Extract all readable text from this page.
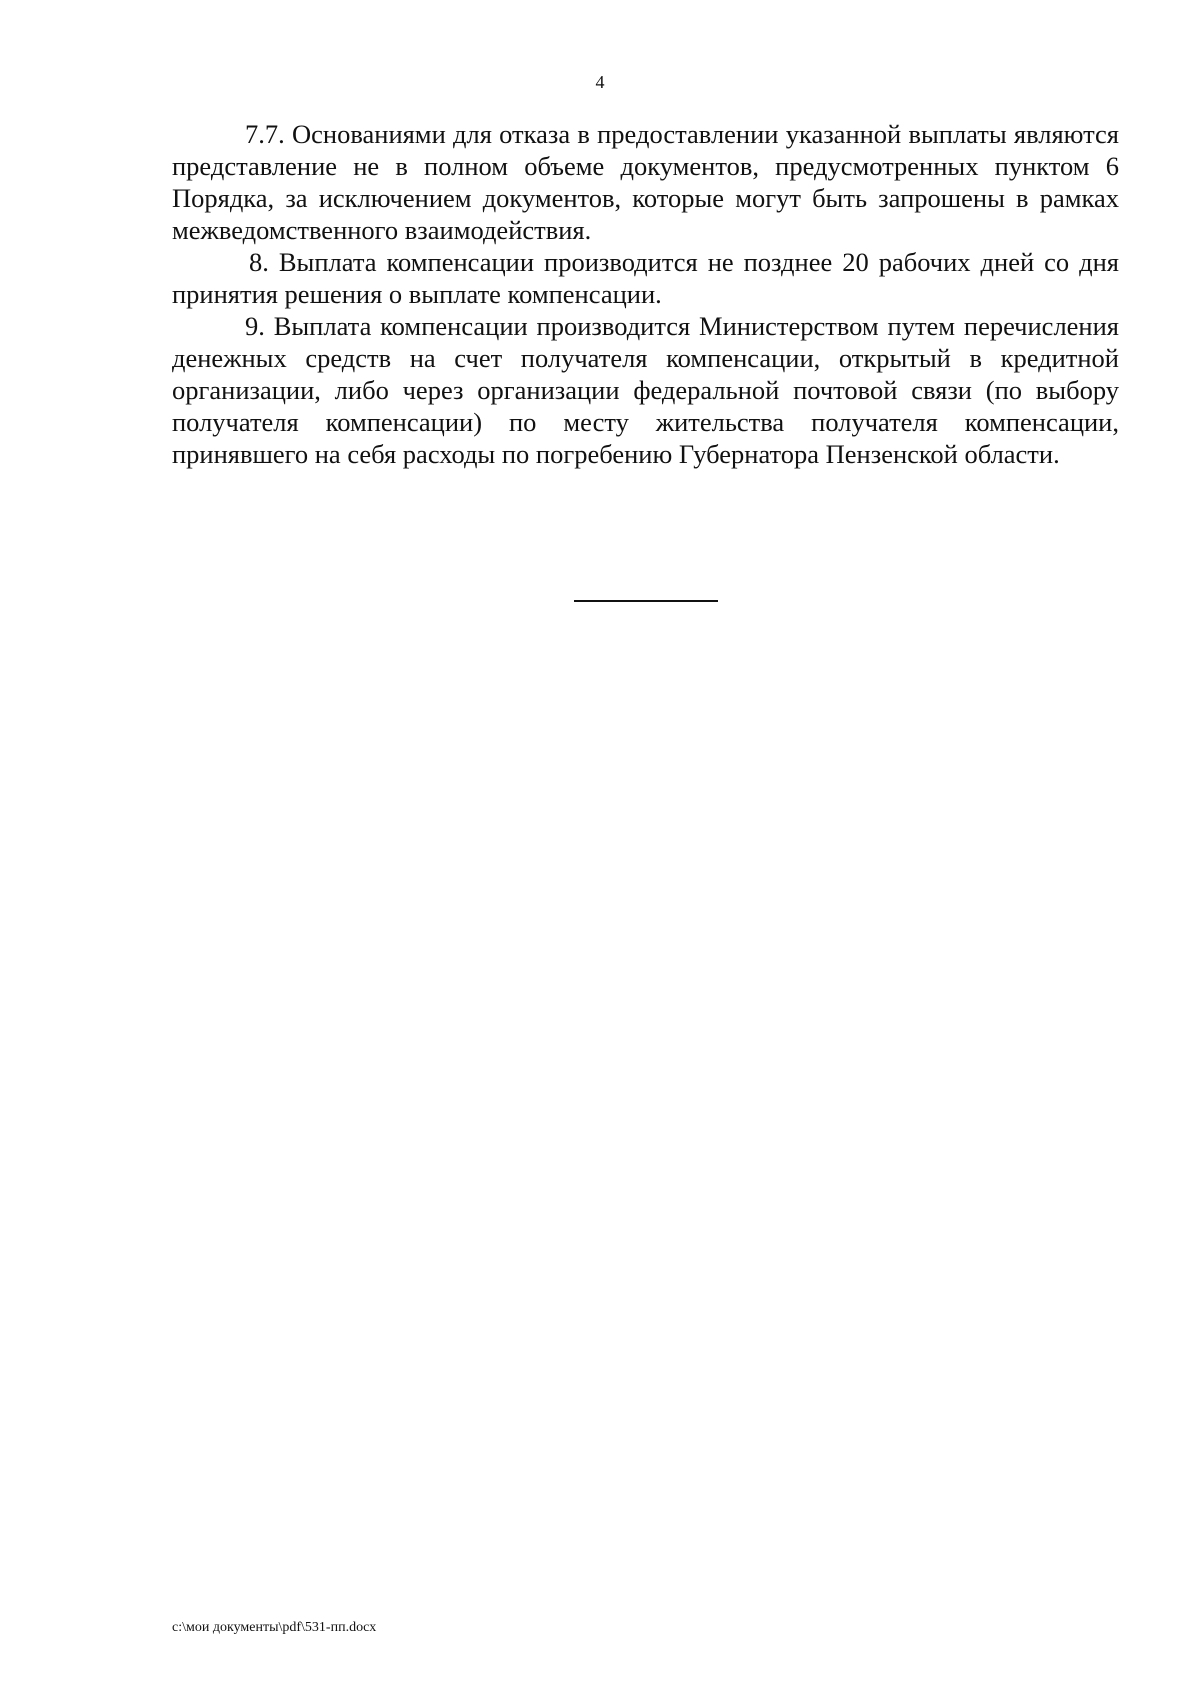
4

7.7. Основаниями для отказа в предоставлении указанной выплаты являются представление не в полном объеме документов, предусмотренных пунктом 6 Порядка, за исключением документов, которые могут быть запрошены в рамках межведомственного взаимодействия.

8. Выплата компенсации производится не позднее 20 рабочих дней со дня принятия решения о выплате компенсации.

9. Выплата компенсации производится Министерством путем перечисления денежных средств на счет получателя компенсации, открытый в кредитной организации, либо через организации федеральной почтовой связи (по выбору получателя компенсации) по месту жительства получателя компенсации, принявшего на себя расходы по погребению Губернатора Пензенской области.

c:\мои документы\pdf\531-пп.docx
